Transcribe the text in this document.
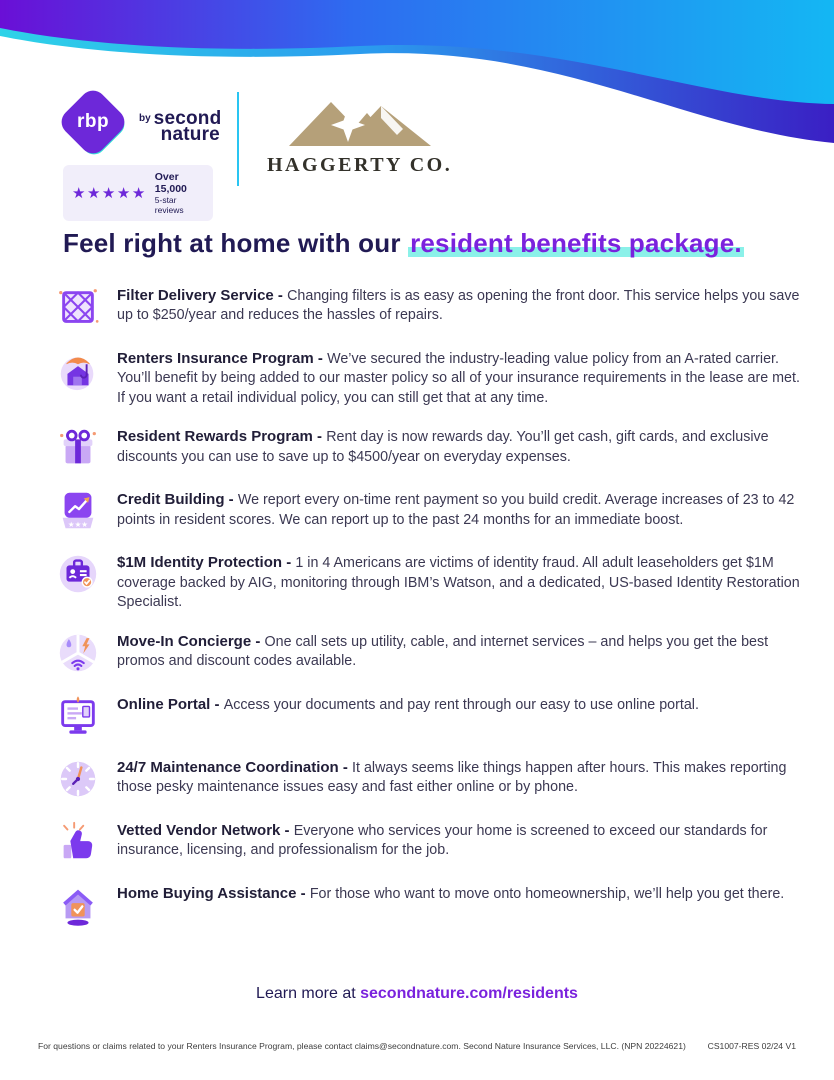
rbp	by second
nature
★★★★★
Over 15,000
5-star reviews
HAGGERTY CO.
Feel right at home with our resident benefits package.

Filter Delivery Service - Changing filters is as easy as opening the front door. This service helps you save up to $250/year and reduces the hassles of repairs.

Renters Insurance Program - We’ve secured the industry-leading value policy from an A-rated carrier. You’ll benefit by being added to our master policy so all of your insurance requirements in the lease are met. If you want a retail individual policy, you can still get that at any time.

Resident Rewards Program - Rent day is now rewards day. You’ll get cash, gift cards, and exclusive discounts you can use to save up to $4500/year on everyday expenses.

Credit Building - We report every on-time rent payment so you build credit. Average increases of 23 to 42 points in resident scores. We can report up to the past 24 months for an immediate boost.

$1M Identity Protection - 1 in 4 Americans are victims of identity fraud. All adult leaseholders get $1M coverage backed by AIG, monitoring through IBM’s Watson, and a dedicated, US-based Identity Restoration Specialist.

Move-In Concierge - One call sets up utility, cable, and internet services – and helps you get the best promos and discount codes available.

Online Portal - Access your documents and pay rent through our easy to use online portal.

24/7 Maintenance Coordination - It always seems like things happen after hours. This makes reporting those pesky maintenance issues easy and fast either online or by phone.

Vetted Vendor Network - Everyone who services your home is screened to exceed our standards for insurance, licensing, and professionalism for the job.

Home Buying Assistance - For those who want to move onto homeownership, we’ll help you get there.

Learn more at secondnature.com/residents
For questions or claims related to your Renters Insurance Program, please contact claims@secondnature.com. Second Nature Insurance Services, LLC. (NPN 20224621)	CS1007-RES 02/24 V1
